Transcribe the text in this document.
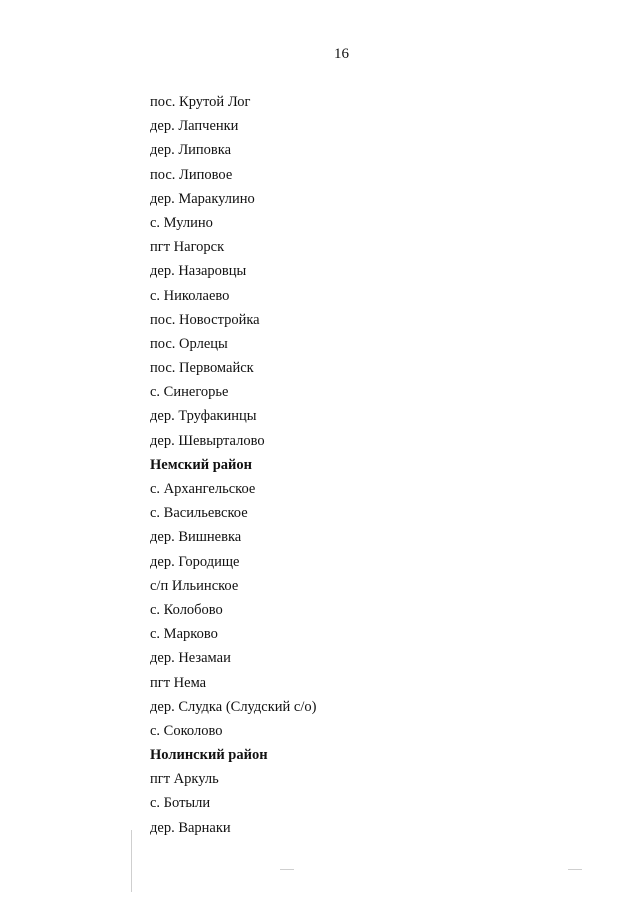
16
пос. Крутой Лог
дер. Лапченки
дер. Липовка
пос. Липовое
дер. Маракулино
с. Мулино
пгт Нагорск
дер. Назаровцы
с. Николаево
пос. Новостройка
пос. Орлецы
пос. Первомайск
с. Синегорье
дер. Труфакинцы
дер. Шевырталово
Немский район
с. Архангельское
с. Васильевское
дер. Вишневка
дер. Городище
с/п Ильинское
с. Колобово
с. Марково
дер. Незамаи
пгт Нема
дер. Слудка (Слудский с/о)
с. Соколово
Нолинский район
пгт Аркуль
с. Ботыли
дер. Варнаки
